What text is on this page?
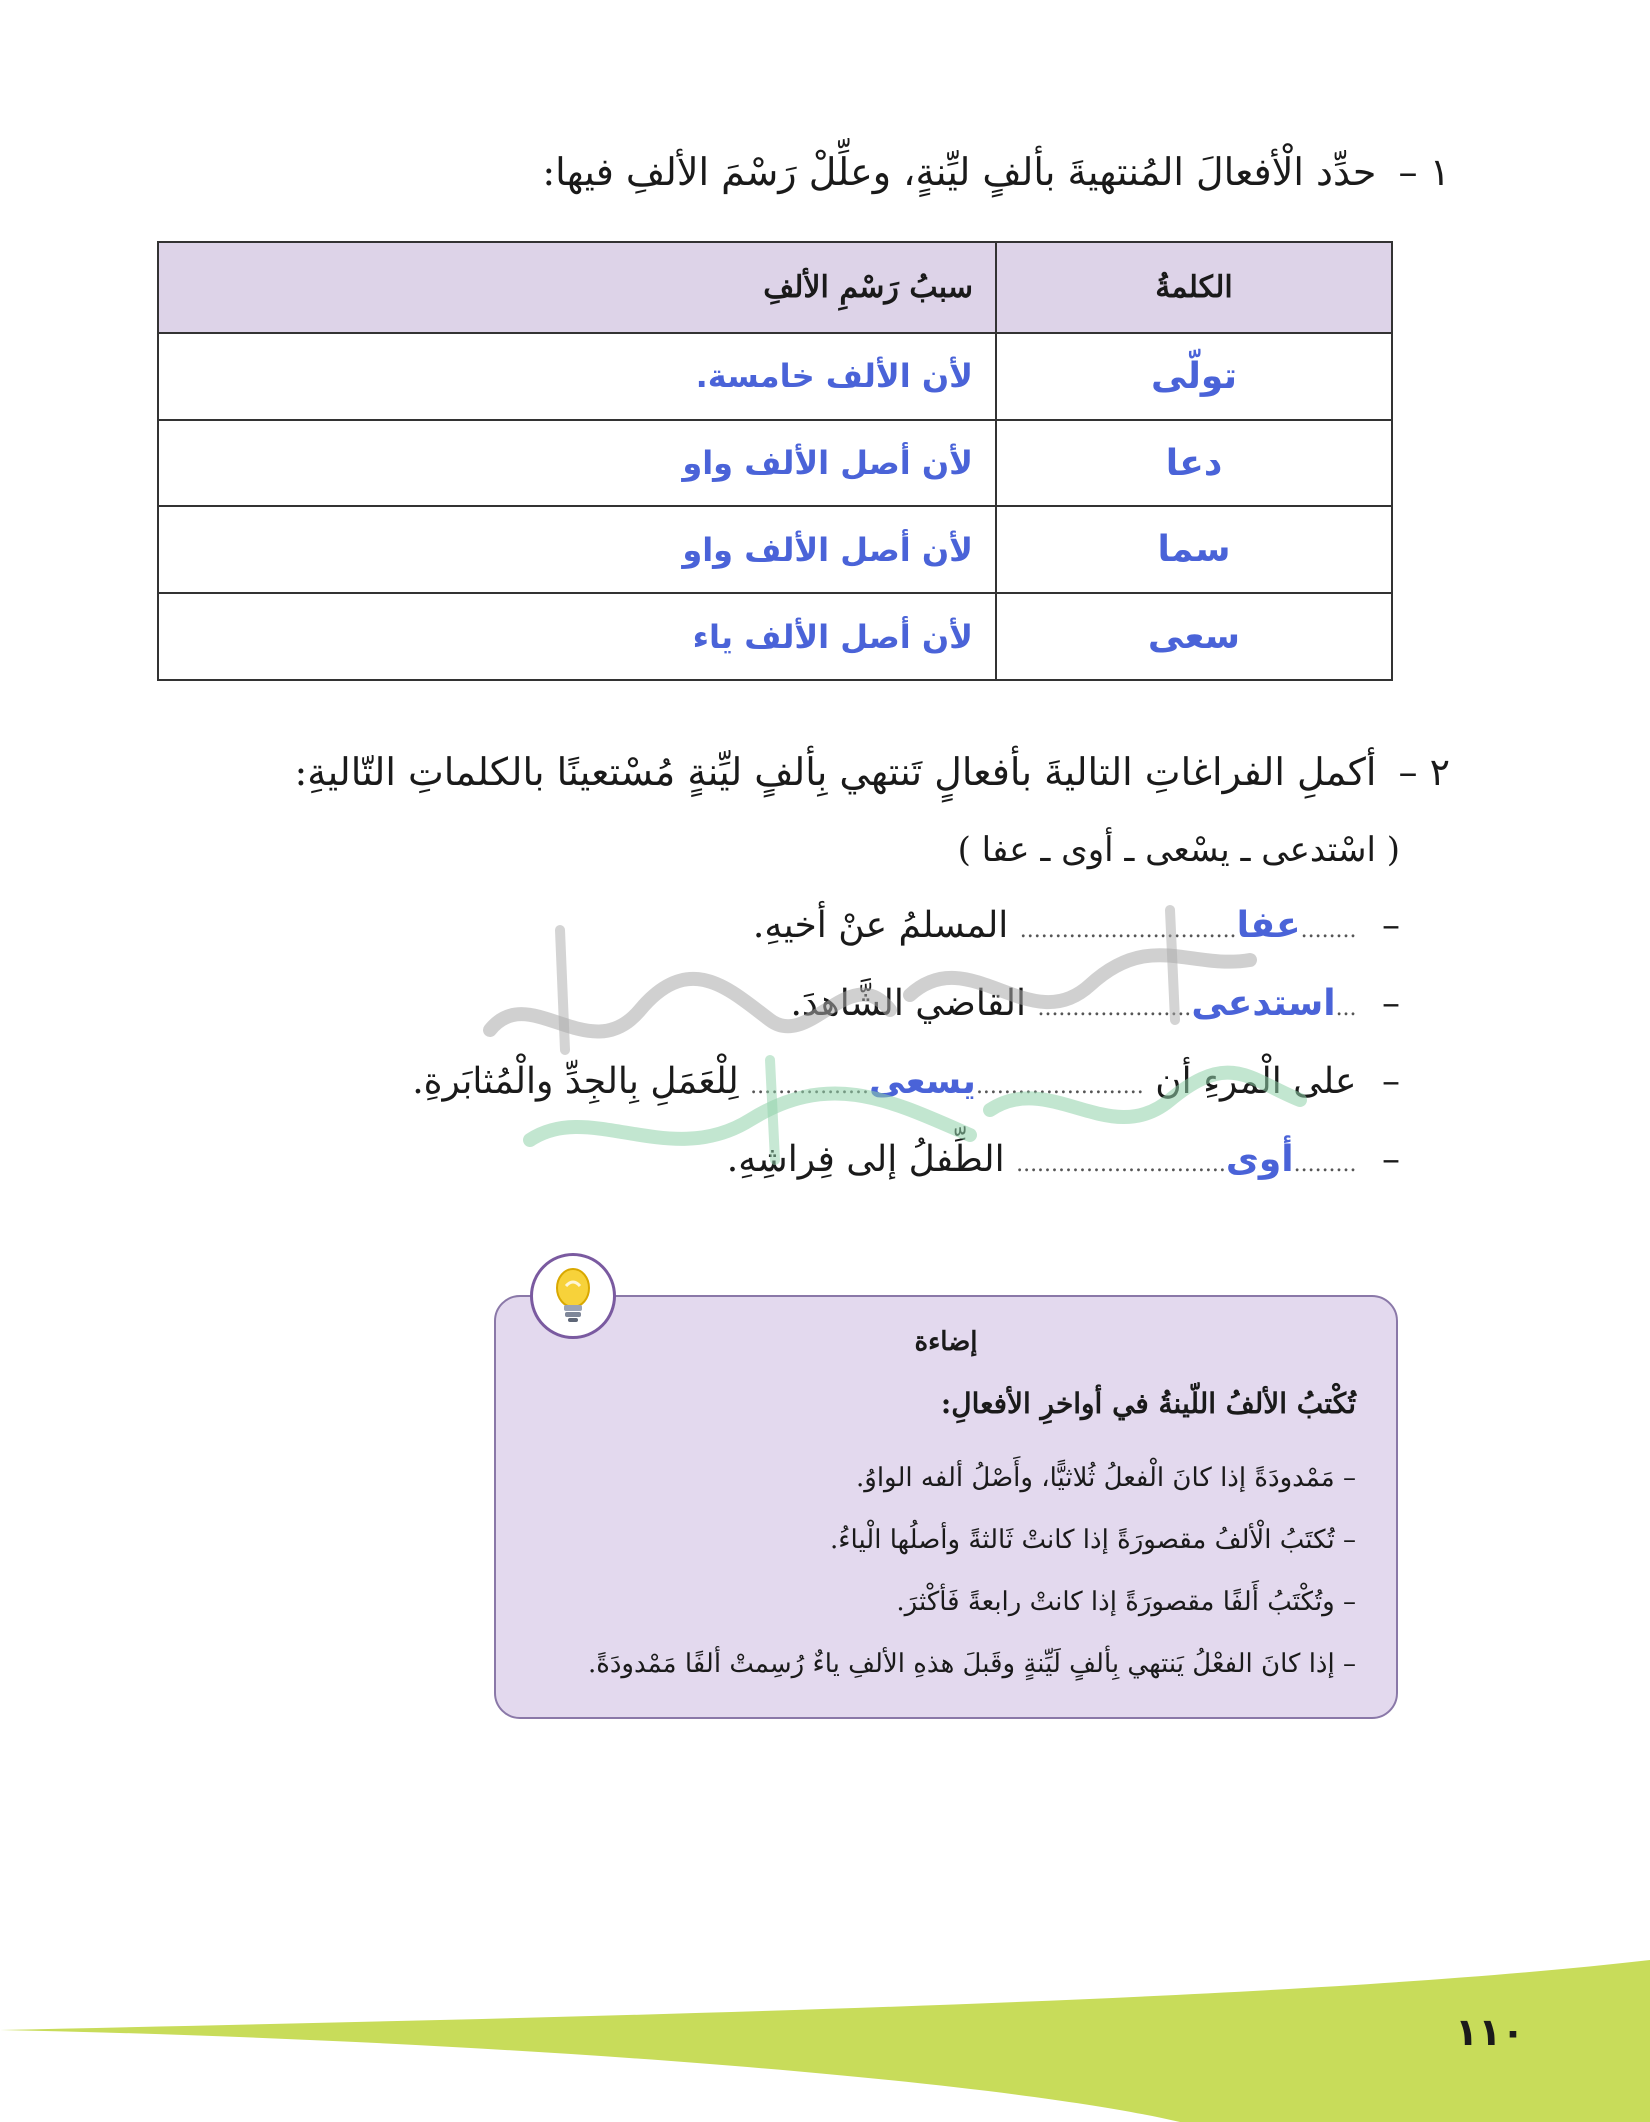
١ – حدِّد الْأفعالَ المُنتهيةَ بألفٍ ليِّنةٍ، وعلِّلْ رَسْمَ الألفِ فيها:
الكلمةُ	سببُ رَسْمِ الألفِ
تولّى	لأن الألف خامسة.
دعا	لأن أصل الألف واو
سما	لأن أصل الألف واو
سعى	لأن أصل الألف ياء
٢ – أكملِ الفراغاتِ التاليةَ بأفعالٍ تَنتهي بِألفٍ ليِّنةٍ مُسْتعينًا بالكلماتِ التّاليةِ:
( اسْتدعى ـ يسْعى ـ أوى ـ عفا )
– ........عفا............................... المسلمُ عنْ أخيهِ.
– ...استدعى...................... القاضي الشَّاهدَ.
– على الْمرءِ أن ........................يسعى................. لِلْعَمَلِ بِالجِدِّ والْمُثابَرةِ.
– .........أوى.............................. الطِّفلُ إلى فِراشِهِ.
إضاءة
تُكْتبُ الألفُ اللّينةُ في أواخرِ الأفعالِ:
– مَمْدودَةً إذا كانَ الْفعلُ ثُلاثيًّا، وأَصْلُ ألفه الواوُ.
– تُكتَبُ الْألفُ مقصورَةً إذا كانتْ ثَالثةً وأصلُها الْياءُ.
– وتُكْتَبُ أَلفًا مقصورَةً إذا كانتْ رابعةً فَأكْثرَ.
– إذا كانَ الفعْلُ يَنتهي بِألفٍ لَيِّنةٍ وقَبلَ هذهِ الألفِ ياءٌ رُسِمتْ ألفًا مَمْدودَةً.
١١٠
